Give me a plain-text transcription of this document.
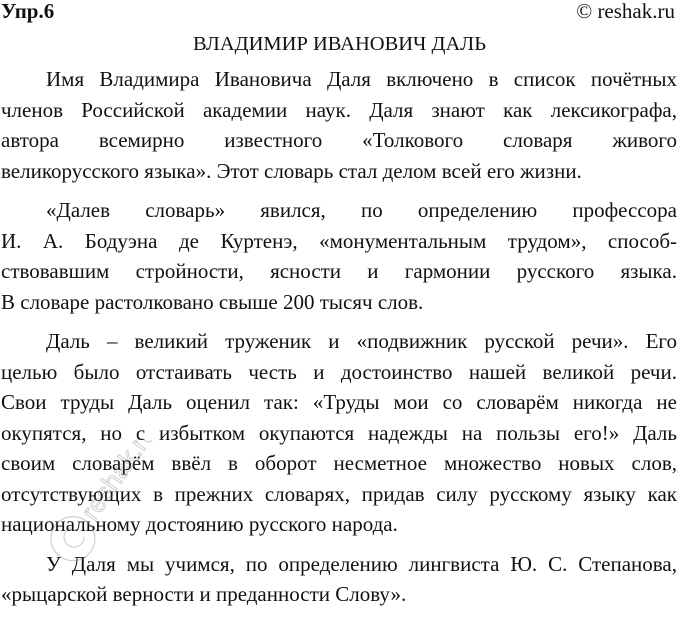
Упр.6	© reshak.ru
ВЛАДИМИР ИВАНОВИЧ ДАЛЬ
Имя Владимира Ивановича Даля включено в список почётных
членов Российской академии наук. Даля знают как лексикографа,
автора всемирно известного «Толкового словаря живого
великорусского языка». Этот словарь стал делом всей его жизни.
«Далев словарь» явился, по определению профессора
И. А. Бодуэна де Куртенэ, «монументальным трудом», способ-
ствовавшим стройности, ясности и гармонии русского языка.
В словаре растолковано свыше 200 тысяч слов.
Даль – великий труженик и «подвижник русской речи». Его
целью было отстаивать честь и достоинство нашей великой речи.
Свои труды Даль оценил так: «Труды мои со словарём никогда не
окупятся, но с избытком окупаются надежды на пользы его!» Даль
своим словарём ввёл в оборот несметное множество новых слов,
отсутствующих в прежних словарях, придав силу русскому языку как
национальному достоянию русского народа.
У Даля мы учимся, по определению лингвиста Ю. С. Степанова,
«рыцарской верности и преданности Слову».
reshak.ru
